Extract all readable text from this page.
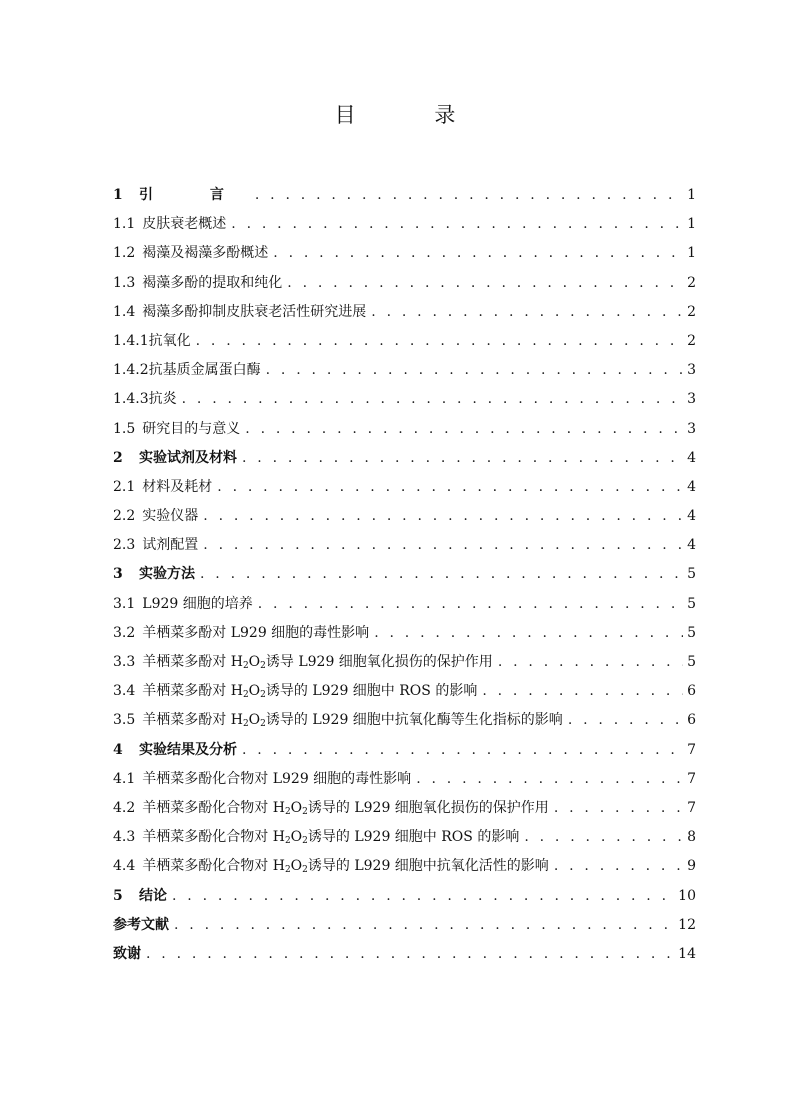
目 录
1	引 言 . . .	1
1.1 皮肤衰老概述 . . .	1
1.2 褐藻及褐藻多酚概述 . . .	1
1.3 褐藻多酚的提取和纯化 . . .	2
1.4 褐藻多酚抑制皮肤衰老活性研究进展 . . .	2
1.4.1 抗氧化 . . .	2
1.4.2 抗基质金属蛋白酶 . . .	3
1.4.3 抗炎 . . .	3
1.5 研究目的与意义 . . .	3
2	实验试剂及材料 . . .	4
2.1 材料及耗材 . . .	4
2.2 实验仪器 . . .	4
2.3 试剂配置 . . .	4
3	实验方法 . . .	5
3.1 L929 细胞的培养 . . .	5
3.2 羊栖菜多酚对 L929 细胞的毒性影响 . . .	5
3.3 羊栖菜多酚对 $H_2O_2$诱导 L929 细胞氧化损伤的保护作用 . . .	5
3.4 羊栖菜多酚对 $H_2O_2$诱导的 L929 细胞中 ROS 的影响 . . .	6
3.5 羊栖菜多酚对 $H_2O_2$诱导的 L929 细胞中抗氧化酶等生化指标的影响 . . .	6
4	实验结果及分析 . . .	7
4.1 羊栖菜多酚化合物对 L929 细胞的毒性影响 . . .	7
4.2 羊栖菜多酚化合物对 $H_2O_2$诱导的 L929 细胞氧化损伤的保护作用 . . .	7
4.3 羊栖菜多酚化合物对 $H_2O_2$诱导的 L929 细胞中 ROS 的影响 . . .	8
4.4 羊栖菜多酚化合物对 $H_2O_2$诱导的 L929 细胞中抗氧化活性的影响 . . .	9
5	结论 . . .	10
参考文献 . . .	12
致谢 . . .	14
